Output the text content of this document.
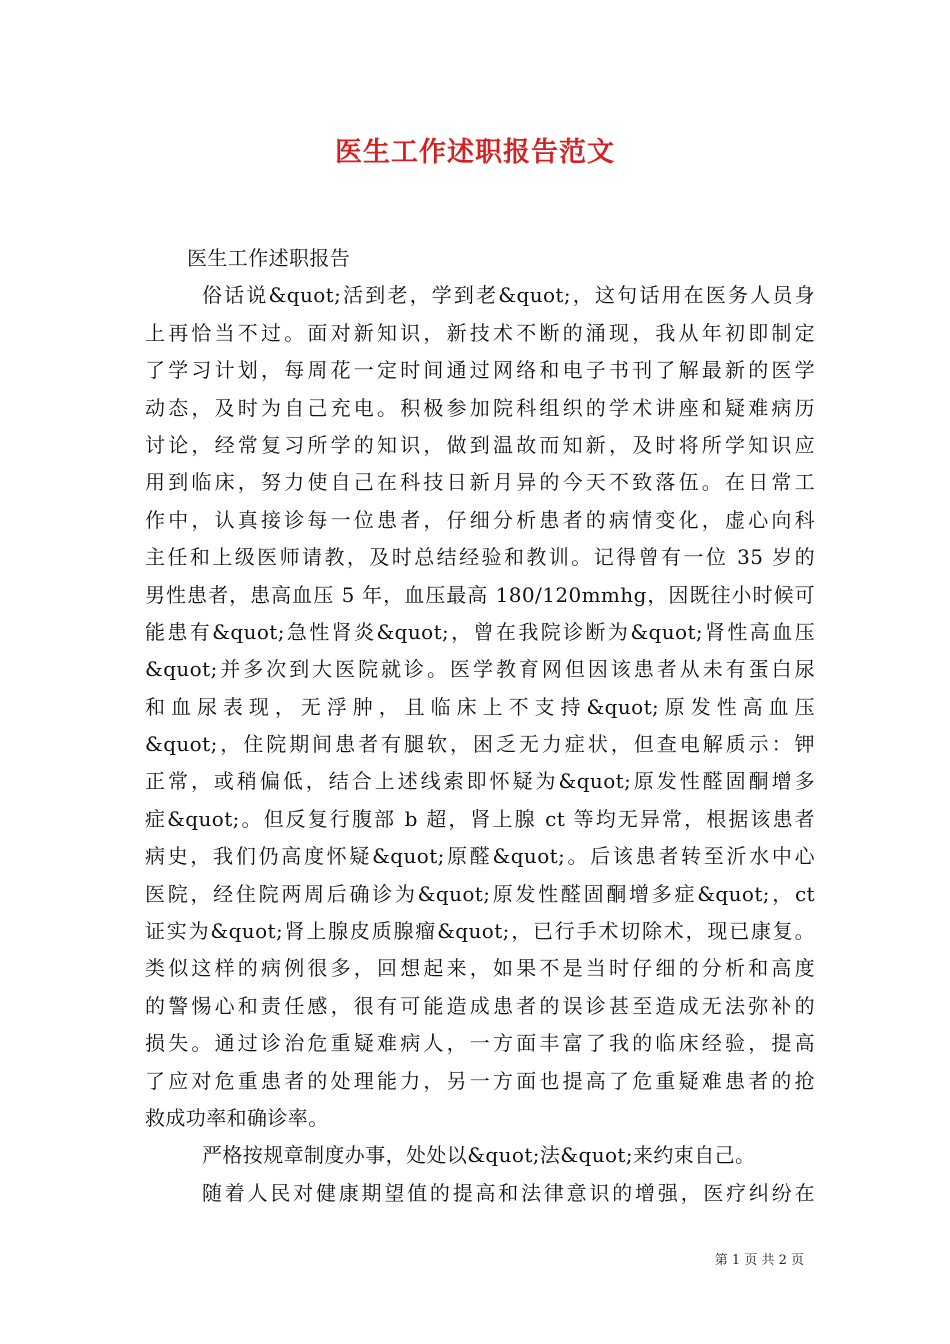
医生工作述职报告范文
医生工作述职报告
俗话说&quot;活到老，学到老&quot;，这句话用在医务人员身
上再恰当不过。面对新知识，新技术不断的涌现，我从年初即制定
了学习计划，每周花一定时间通过网络和电子书刊了解最新的医学
动态，及时为自己充电。积极参加院科组织的学术讲座和疑难病历
讨论，经常复习所学的知识，做到温故而知新，及时将所学知识应
用到临床，努力使自己在科技日新月异的今天不致落伍。在日常工
作中，认真接诊每一位患者，仔细分析患者的病情变化，虚心向科
主任和上级医师请教，及时总结经验和教训。记得曾有一位 35 岁的
男性患者，患高血压 5 年，血压最高 180/120mmhg，因既往小时候可
能患有&quot;急性肾炎&quot;，曾在我院诊断为&quot;肾性高血压
&quot;并多次到大医院就诊。医学教育网但因该患者从未有蛋白尿
和血尿表现，无浮肿，且临床上不支持&quot;原发性高血压
&quot;，住院期间患者有腿软，困乏无力症状，但查电解质示：钾
正常，或稍偏低，结合上述线索即怀疑为&quot;原发性醛固酮增多
症&quot;。但反复行腹部 b 超，肾上腺 ct 等均无异常，根据该患者
病史，我们仍高度怀疑&quot;原醛&quot;。后该患者转至沂水中心
医院，经住院两周后确诊为&quot;原发性醛固酮增多症&quot;，ct
证实为&quot;肾上腺皮质腺瘤&quot;，已行手术切除术，现已康复。
类似这样的病例很多，回想起来，如果不是当时仔细的分析和高度
的警惕心和责任感，很有可能造成患者的误诊甚至造成无法弥补的
损失。通过诊治危重疑难病人，一方面丰富了我的临床经验，提高
了应对危重患者的处理能力，另一方面也提高了危重疑难患者的抢
救成功率和确诊率。
严格按规章制度办事，处处以&quot;法&quot;来约束自己。
随着人民对健康期望值的提高和法律意识的增强，医疗纠纷在
第 1 页 共 2 页
